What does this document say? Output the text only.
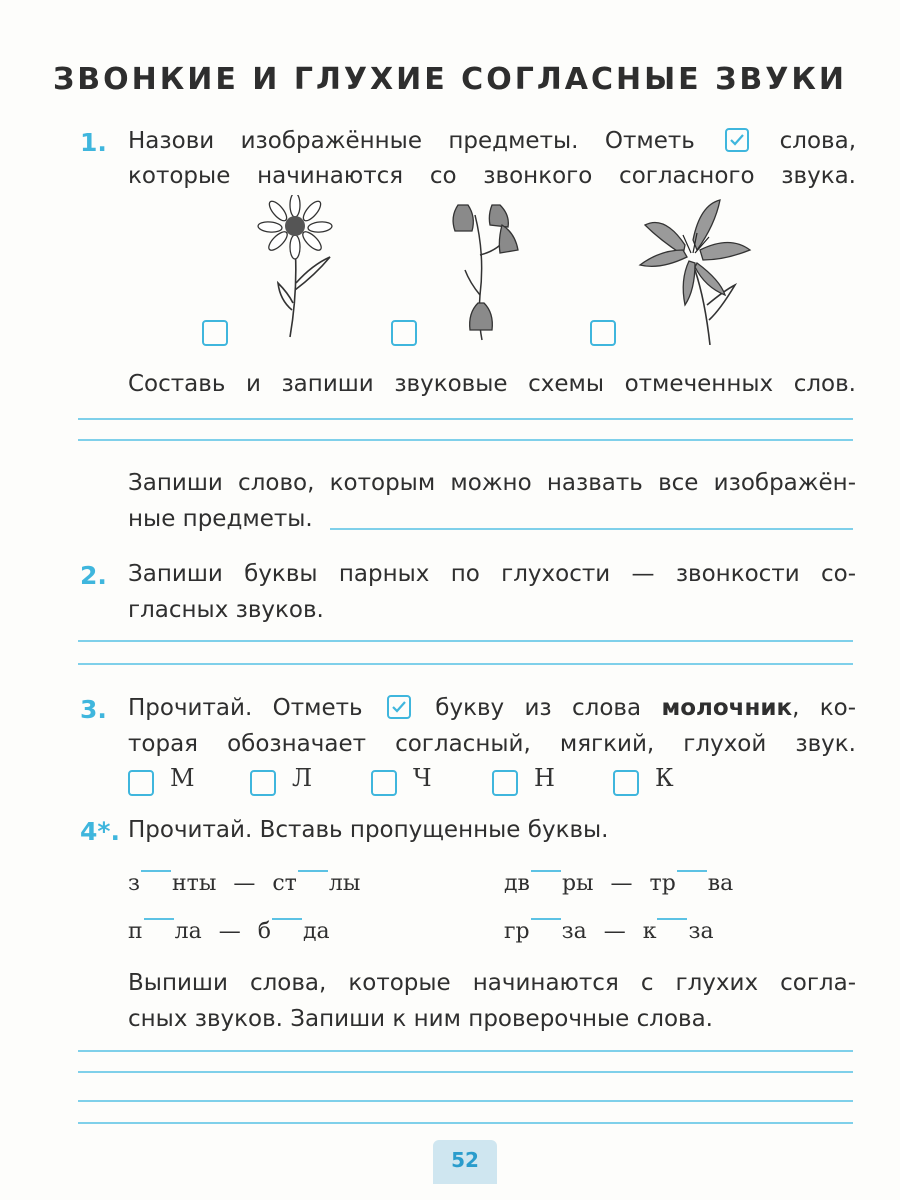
ЗВОНКИЕ И ГЛУХИЕ СОГЛАСНЫЕ ЗВУКИ
1. Назови изображённые предметы. Отметь	слова,
которые начинаются со звонкого согласного звука.
Составь и запиши звуковые схемы отмеченных слов.
Запиши слово, которым можно назвать все изображён-
ные предметы.
2. Запиши буквы парных по глухости — звонкости со-
гласных звуков.
3. Прочитай. Отметь	букву из слова молочник, ко-
торая обозначает согласный, мягкий, глухой звук.
М	Л	Ч	Н	К
4*. Прочитай. Вставь пропущенные буквы.
з нты — ст лы	дв ры — тр ва
п ла — б да	гр за — к за
Выпиши слова, которые начинаются с глухих согла-
сных звуков. Запиши к ним проверочные слова.
52
